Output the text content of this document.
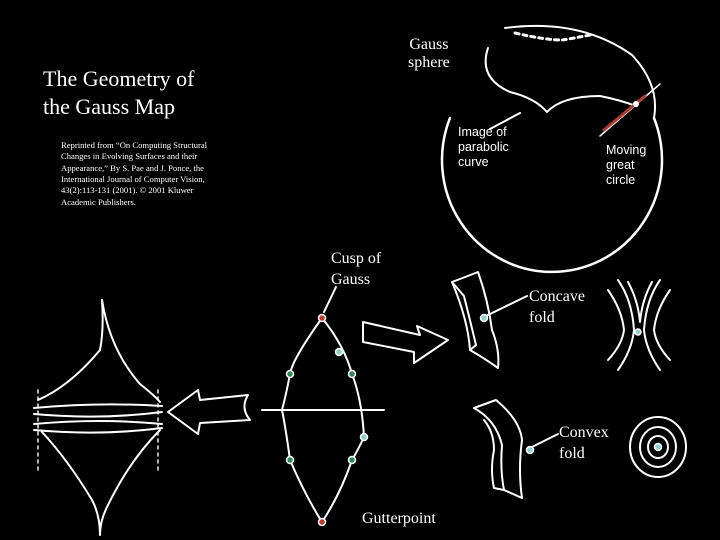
The Geometry of
the Gauss Map
Reprinted from “On Computing Structural Changes in Evolving Surfaces and their Appearance,” By S. Pae and J. Ponce, the International Journal of Computer Vision, 43(2):113-131 (2001). © 2001 Kluwer Academic Publishers.
Gauss
sphere
Image of
parabolic
curve
Moving
great
circle
Cusp of
Gauss
Concave
fold
Convex
fold
Gutterpoint
